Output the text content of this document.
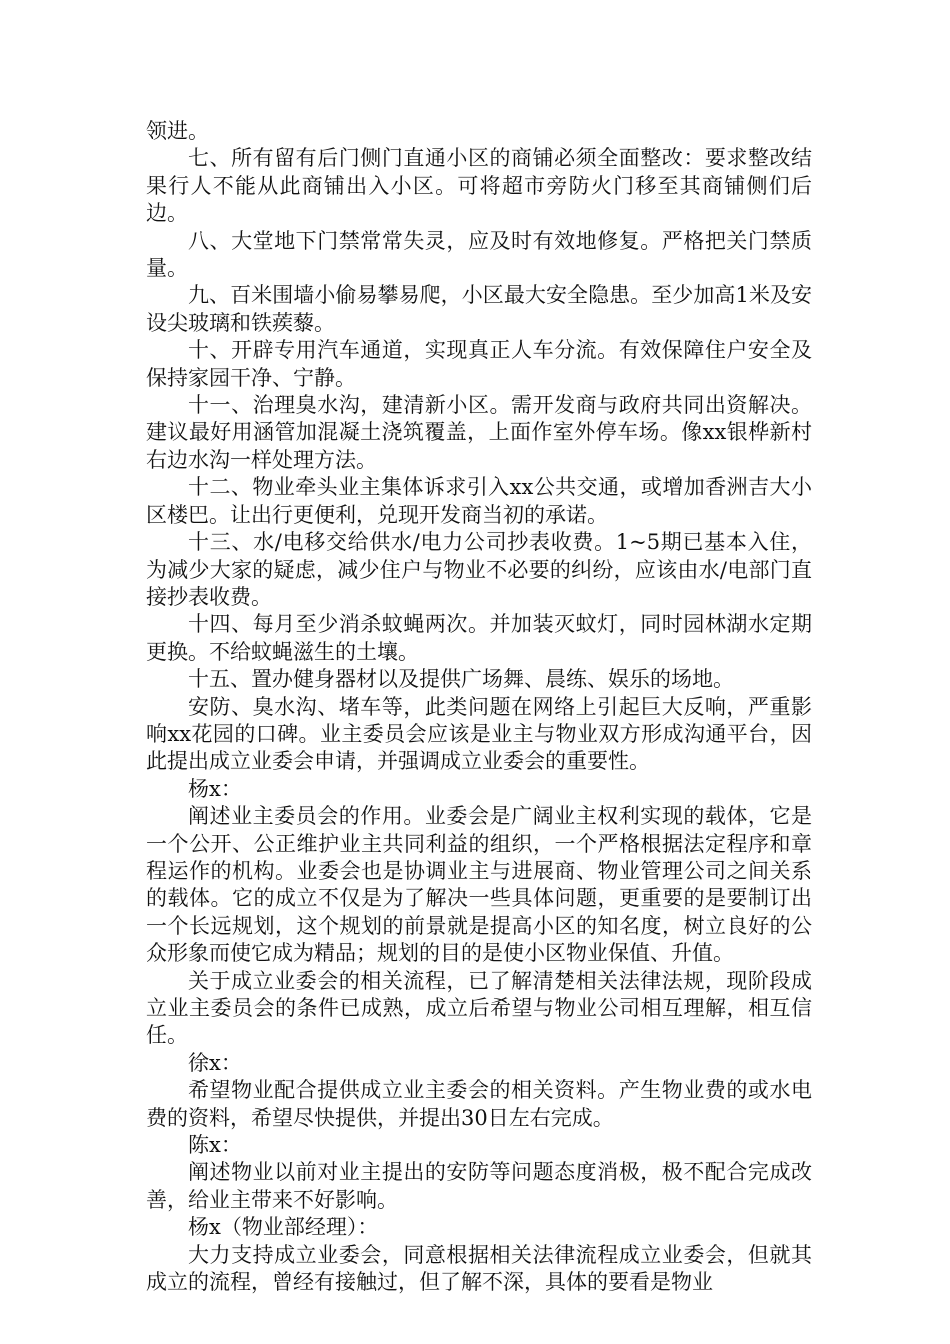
领进。

七、所有留有后门侧门直通小区的商铺必须全面整改：要求整改结果行人不能从此商铺出入小区。可将超市旁防火门移至其商铺侧们后边。

八、大堂地下门禁常常失灵，应及时有效地修复。严格把关门禁质量。

九、百米围墙小偷易攀易爬，小区最大安全隐患。至少加高1米及安设尖玻璃和铁蒺藜。

十、开辟专用汽车通道，实现真正人车分流。有效保障住户安全及保持家园干净、宁静。

十一、治理臭水沟，建清新小区。需开发商与政府共同出资解决。建议最好用涵管加混凝土浇筑覆盖，上面作室外停车场。像xx银桦新村右边水沟一样处理方法。

十二、物业牵头业主集体诉求引入xx公共交通，或增加香洲吉大小区楼巴。让出行更便利，兑现开发商当初的承诺。

十三、水/电移交给供水/电力公司抄表收费。1~5期已基本入住，为减少大家的疑虑，减少住户与物业不必要的纠纷，应该由水/电部门直接抄表收费。

十四、每月至少消杀蚊蝇两次。并加装灭蚊灯，同时园林湖水定期更换。不给蚊蝇滋生的土壤。

十五、置办健身器材以及提供广场舞、晨练、娱乐的场地。

安防、臭水沟、堵车等，此类问题在网络上引起巨大反响，严重影响xx花园的口碑。业主委员会应该是业主与物业双方形成沟通平台，因此提出成立业委会申请，并强调成立业委会的重要性。

杨x：

阐述业主委员会的作用。业委会是广阔业主权利实现的载体，它是一个公开、公正维护业主共同利益的组织，一个严格根据法定程序和章程运作的机构。业委会也是协调业主与进展商、物业管理公司之间关系的载体。它的成立不仅是为了解决一些具体问题，更重要的是要制订出一个长远规划，这个规划的前景就是提高小区的知名度，树立良好的公众形象而使它成为精品；规划的目的是使小区物业保值、升值。

关于成立业委会的相关流程，已了解清楚相关法律法规，现阶段成立业主委员会的条件已成熟，成立后希望与物业公司相互理解，相互信任。

徐x：

希望物业配合提供成立业主委会的相关资料。产生物业费的或水电费的资料，希望尽快提供，并提出30日左右完成。

陈x：

阐述物业以前对业主提出的安防等问题态度消极，极不配合完成改善，给业主带来不好影响。

杨x（物业部经理）：

大力支持成立业委会，同意根据相关法律流程成立业委会，但就其成立的流程，曾经有接触过，但了解不深，具体的要看是物业
